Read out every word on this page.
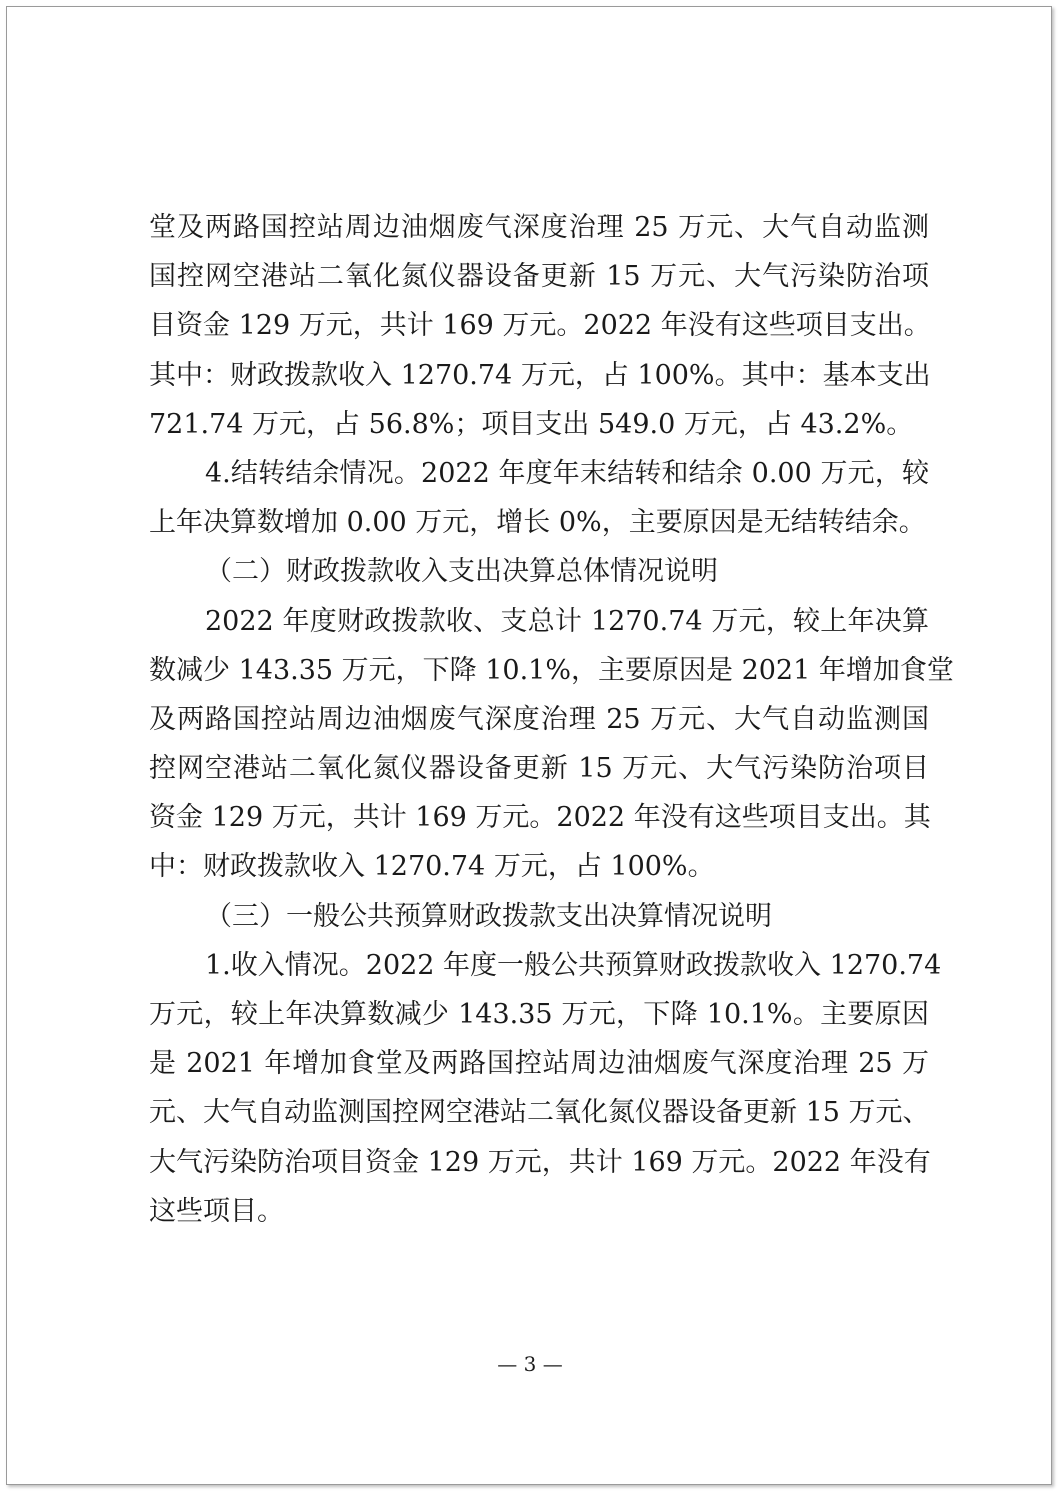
堂及两路国控站周边油烟废气深度治理 25 万元、大气自动监测
国控网空港站二氧化氮仪器设备更新 15 万元、大气污染防治项
目资金 129 万元，共计 169 万元。2022 年没有这些项目支出。
其中：财政拨款收入 1270.74 万元，占 100%。其中：基本支出
721.74 万元，占 56.8%；项目支出 549.0 万元，占 43.2%。
4.结转结余情况。2022 年度年末结转和结余 0.00 万元，较
上年决算数增加 0.00 万元，增长 0%，主要原因是无结转结余。
（二）财政拨款收入支出决算总体情况说明
2022 年度财政拨款收、支总计 1270.74 万元，较上年决算
数减少 143.35 万元，下降 10.1%，主要原因是 2021 年增加食堂
及两路国控站周边油烟废气深度治理 25 万元、大气自动监测国
控网空港站二氧化氮仪器设备更新 15 万元、大气污染防治项目
资金 129 万元，共计 169 万元。2022 年没有这些项目支出。其
中：财政拨款收入 1270.74 万元，占 100%。
（三）一般公共预算财政拨款支出决算情况说明
1.收入情况。2022 年度一般公共预算财政拨款收入 1270.74
万元，较上年决算数减少 143.35 万元，下降 10.1%。主要原因
是 2021 年增加食堂及两路国控站周边油烟废气深度治理 25 万
元、大气自动监测国控网空港站二氧化氮仪器设备更新 15 万元、
大气污染防治项目资金 129 万元，共计 169 万元。2022 年没有
这些项目。
— 3 —
